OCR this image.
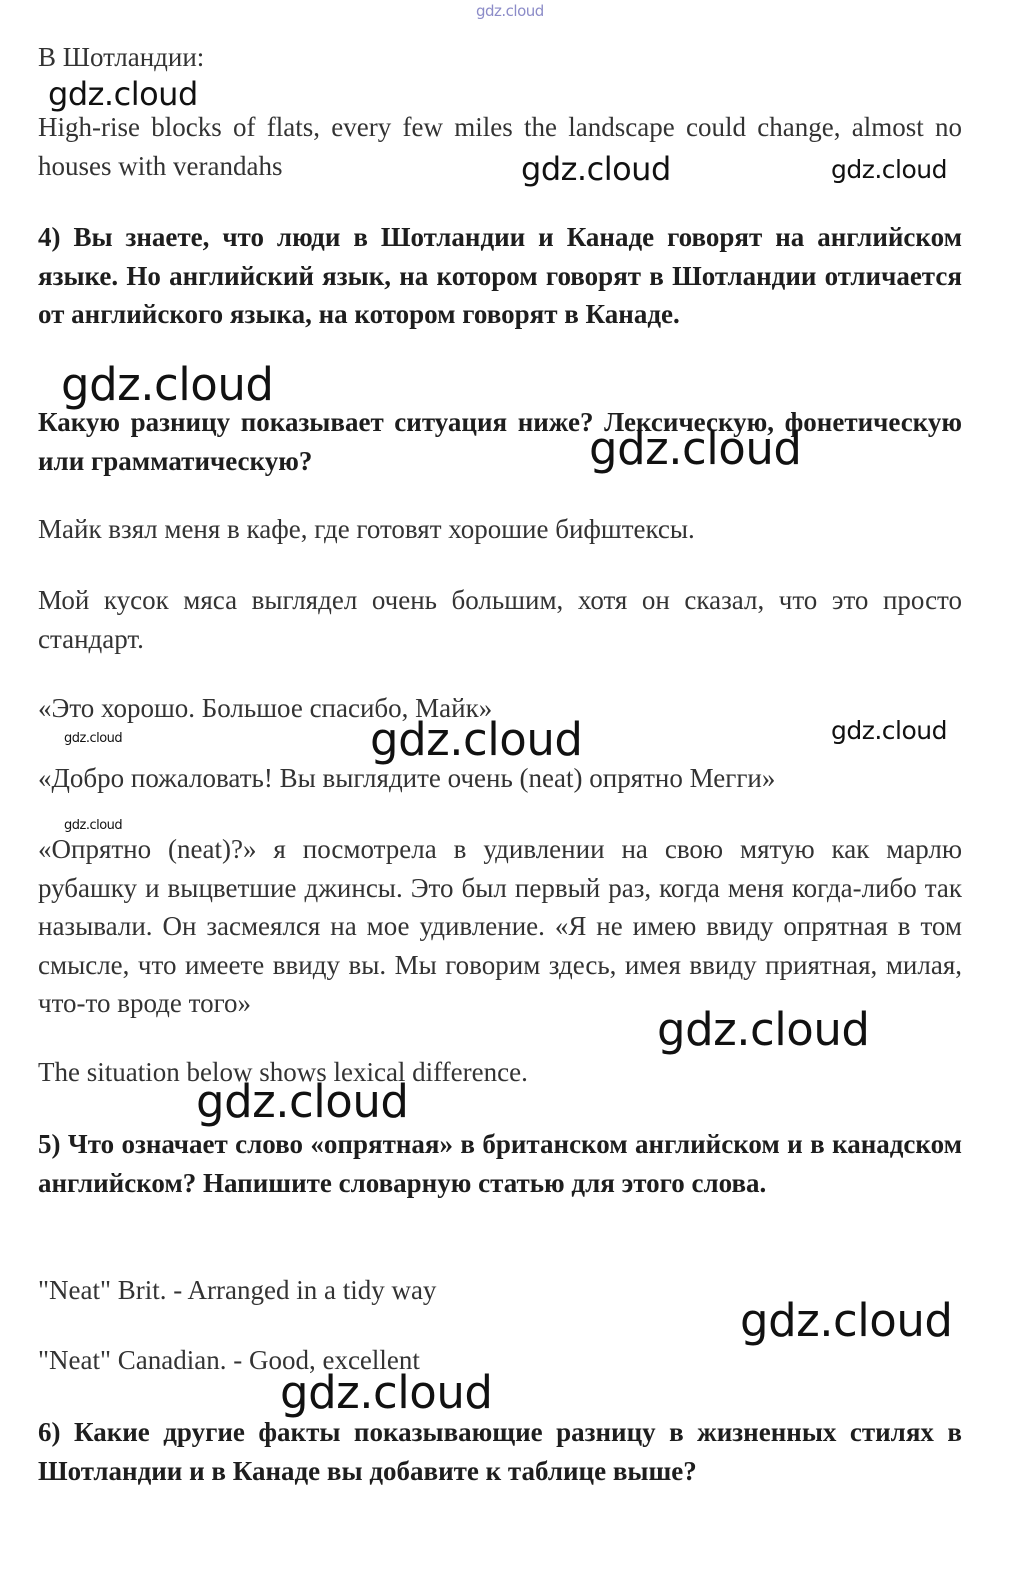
В Шотландии:

High-rise blocks of flats, every few miles the landscape could change, almost no houses with verandahs

4) Вы знаете, что люди в Шотландии и Канаде говорят на английском языке. Но английский язык, на котором говорят в Шотландии отличается от английского языка, на котором говорят в Канаде.

Какую разницу показывает ситуация ниже? Лексическую, фонетическую или грамматическую?

Майк взял меня в кафе, где готовят хорошие бифштексы.

Мой кусок мяса выглядел очень большим, хотя он сказал, что это просто стандарт.

«Это хорошо. Большое спасибо, Майк»

«Добро пожаловать! Вы выглядите очень (neat) опрятно Мегги»

«Опрятно (neat)?» я посмотрела в удивлении на свою мятую как марлю рубашку и выцветшие джинсы. Это был первый раз, когда меня когда-либо так называли. Он засмеялся на мое удивление. «Я не имею ввиду опрятная в том смысле, что имеете ввиду вы. Мы говорим здесь, имея ввиду приятная, милая, что-то вроде того»

The situation below shows lexical difference.

5) Что означает слово «опрятная» в британском английском и в канадском английском? Напишите словарную статью для этого слова.

"Neat" Brit. - Arranged in a tidy way

"Neat" Canadian. - Good, excellent

6) Какие другие факты показывающие разницу в жизненных стилях в Шотландии и в Канаде вы добавите к таблице выше?

gdz.cloud
gdz.cloud
gdz.cloud	gdz.cloud
gdz.cloud
gdz.cloud
gdz.cloud	gdz.cloud	gdz.cloud
gdz.cloud
gdz.cloud
gdz.cloud
gdz.cloud
gdz.cloud
